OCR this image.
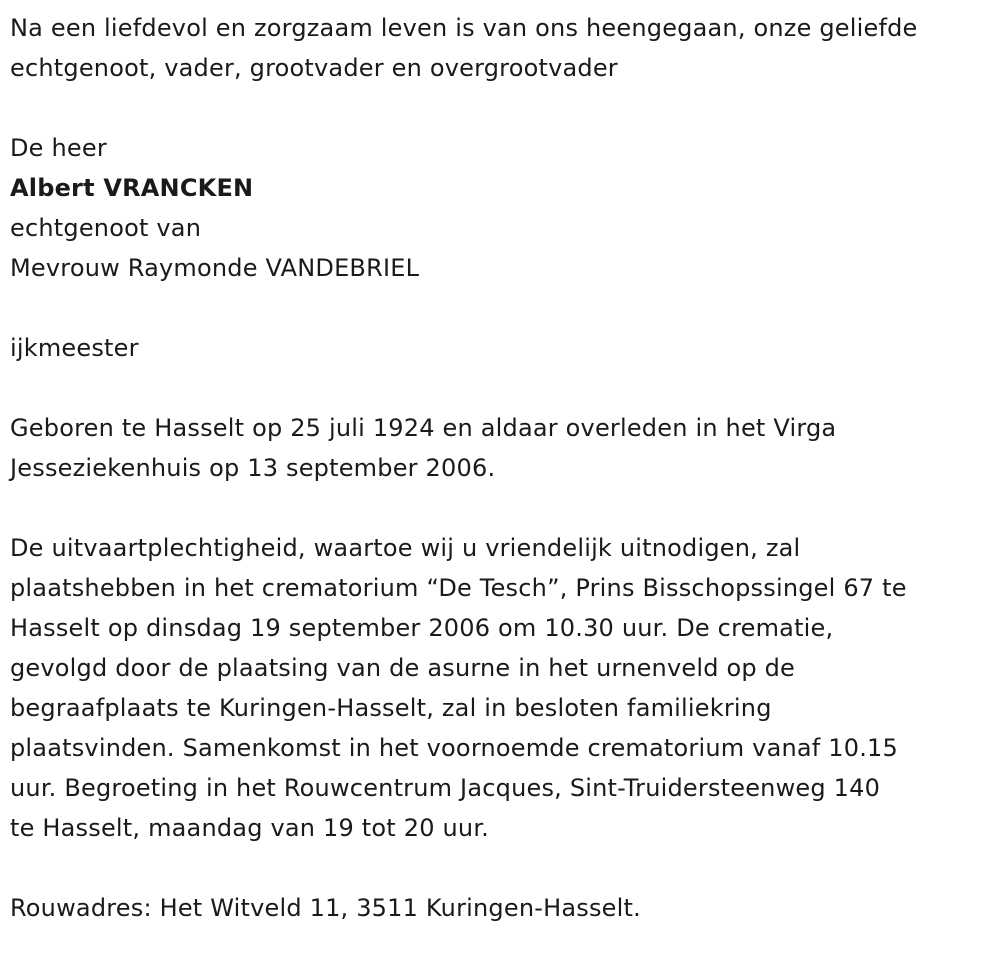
Na een liefdevol en zorgzaam leven is van ons heengegaan, onze geliefde
echtgenoot, vader, grootvader en overgrootvader

De heer

Albert VRANCKEN

echtgenoot van

Mevrouw Raymonde VANDEBRIEL

ijkmeester

Geboren te Hasselt op 25 juli 1924 en aldaar overleden in het Virga
Jesseziekenhuis op 13 september 2006.

De uitvaartplechtigheid, waartoe wij u vriendelijk uitnodigen, zal
plaatshebben in het crematorium “De Tesch”, Prins Bisschopssingel 67 te
Hasselt op dinsdag 19 september 2006 om 10.30 uur. De crematie,
gevolgd door de plaatsing van de asurne in het urnenveld op de
begraafplaats te Kuringen-Hasselt, zal in besloten familiekring
plaatsvinden. Samenkomst in het voornoemde crematorium vanaf 10.15
uur. Begroeting in het Rouwcentrum Jacques, Sint-Truidersteenweg 140
te Hasselt, maandag van 19 tot 20 uur.

Rouwadres: Het Witveld 11, 3511 Kuringen-Hasselt.
